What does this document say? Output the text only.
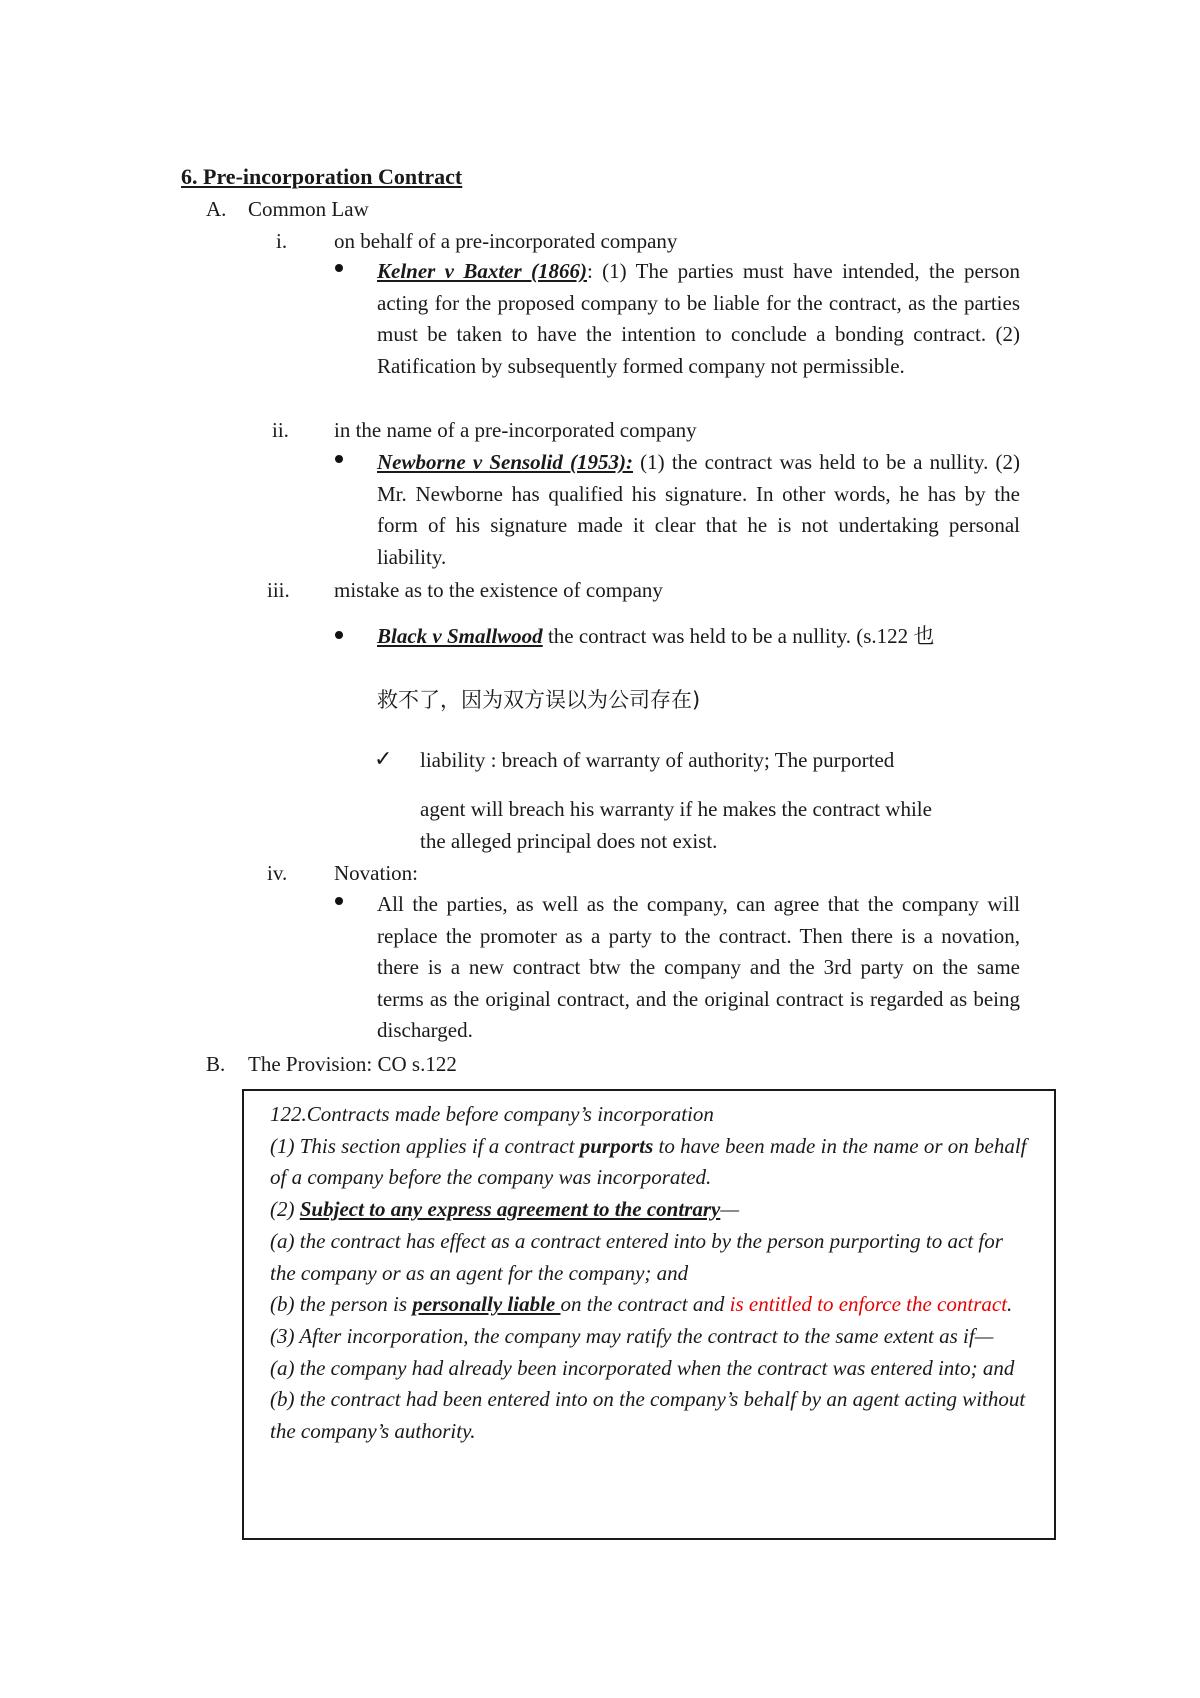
6. Pre-incorporation Contract
A. Common Law
i. on behalf of a pre-incorporated company
Kelner v Baxter (1866): (1) The parties must have intended, the person acting for the proposed company to be liable for the contract, as the parties must be taken to have the intention to conclude a bonding contract. (2) Ratification by subsequently formed company not permissible.
ii. in the name of a pre-incorporated company
Newborne v Sensolid (1953): (1) the contract was held to be a nullity. (2) Mr. Newborne has qualified his signature. In other words, he has by the form of his signature made it clear that he is not undertaking personal liability.
iii. mistake as to the existence of company
Black v Smallwood the contract was held to be a nullity. (s.122 也
救不了，因为双方误以为公司存在)
✓ liability : breach of warranty of authority; The purported
agent will breach his warranty if he makes the contract while
the alleged principal does not exist.
iv. Novation:
All the parties, as well as the company, can agree that the company will replace the promoter as a party to the contract. Then there is a novation, there is a new contract btw the company and the 3rd party on the same terms as the original contract, and the original contract is regarded as being discharged.
B. The Provision: CO s.122

122.Contracts made before company’s incorporation

(1) This section applies if a contract purports to have been made in the name or on behalf of a company before the company was incorporated.

(2) Subject to any express agreement to the contrary—

(a) the contract has effect as a contract entered into by the person purporting to act for the company or as an agent for the company; and

(b) the person is personally liable on the contract and is entitled to enforce the contract.

(3) After incorporation, the company may ratify the contract to the same extent as if—

(a) the company had already been incorporated when the contract was entered into; and

(b) the contract had been entered into on the company’s behalf by an agent acting without the company’s authority.
